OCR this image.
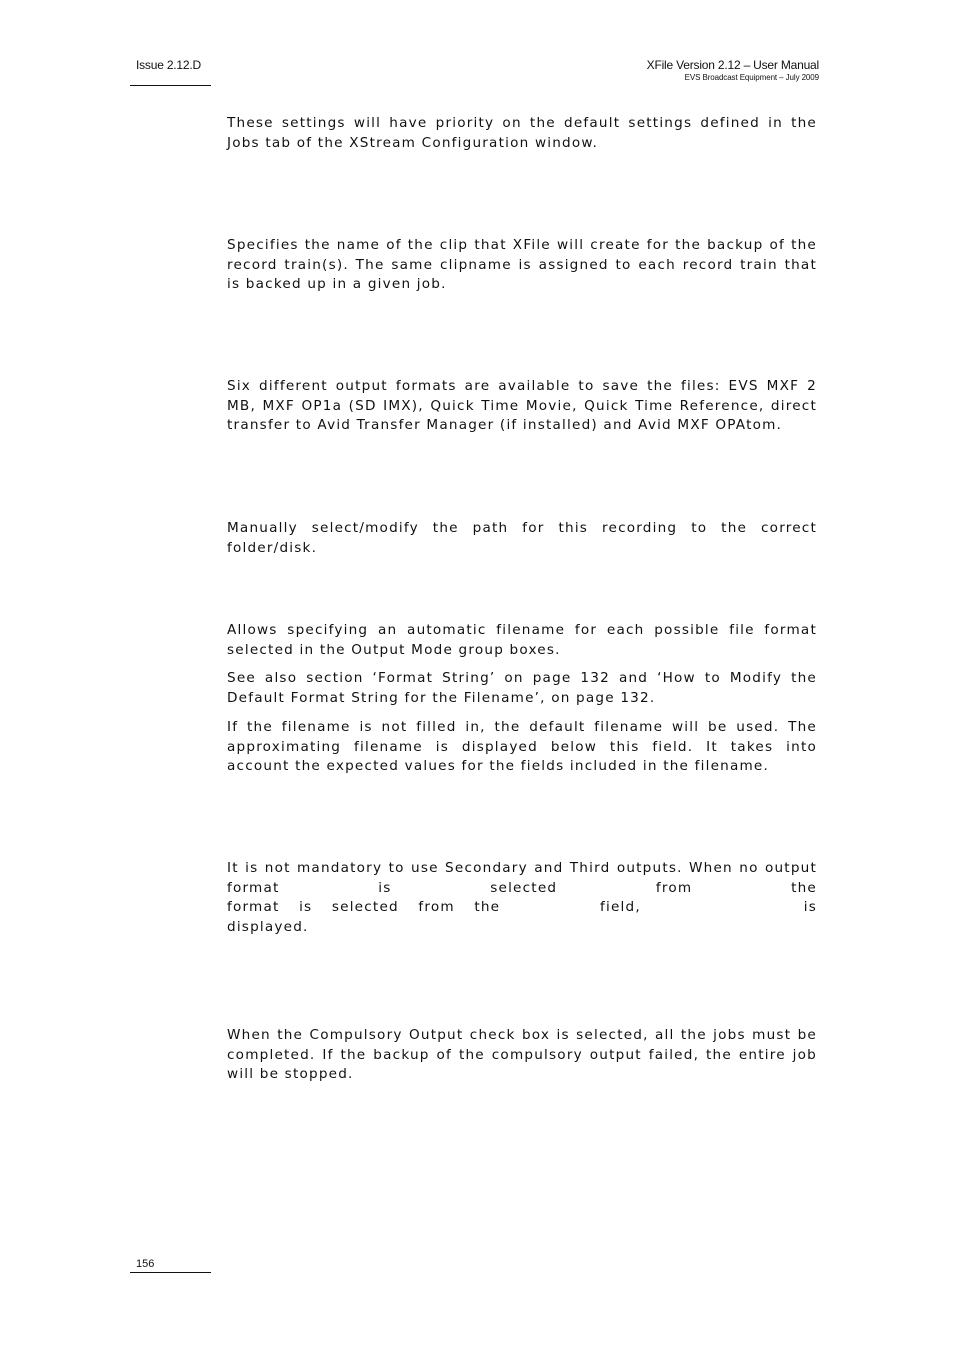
Issue 2.12.D	XFile Version 2.12 – User Manual
EVS Broadcast Equipment – July 2009

These settings will have priority on the default settings defined in the Jobs tab of the XStream Configuration window.

Specifies the name of the clip that XFile will create for the backup of the record train(s). The same clipname is assigned to each record train that is backed up in a given job.

Six different output formats are available to save the files: EVS MXF 2 MB, MXF OP1a (SD IMX), Quick Time Movie, Quick Time Reference, direct transfer to Avid Transfer Manager (if installed) and Avid MXF OPAtom.

Manually select/modify the path for this recording to the correct folder/disk.

Allows specifying an automatic filename for each possible file format selected in the Output Mode group boxes.

See also section ‘Format String’ on page 132 and ‘How to Modify the Default Format String for the Filename’, on page 132.

If the filename is not filled in, the default filename will be used. The approximating filename is displayed below this field. It takes into account the expected values for the fields included in the filename.

It is not mandatory to use Secondary and Third outputs. When no output format is selected from the
format is selected from the	field,	is
displayed.

When the Compulsory Output check box is selected, all the jobs must be completed. If the backup of the compulsory output failed, the entire job will be stopped.

156
